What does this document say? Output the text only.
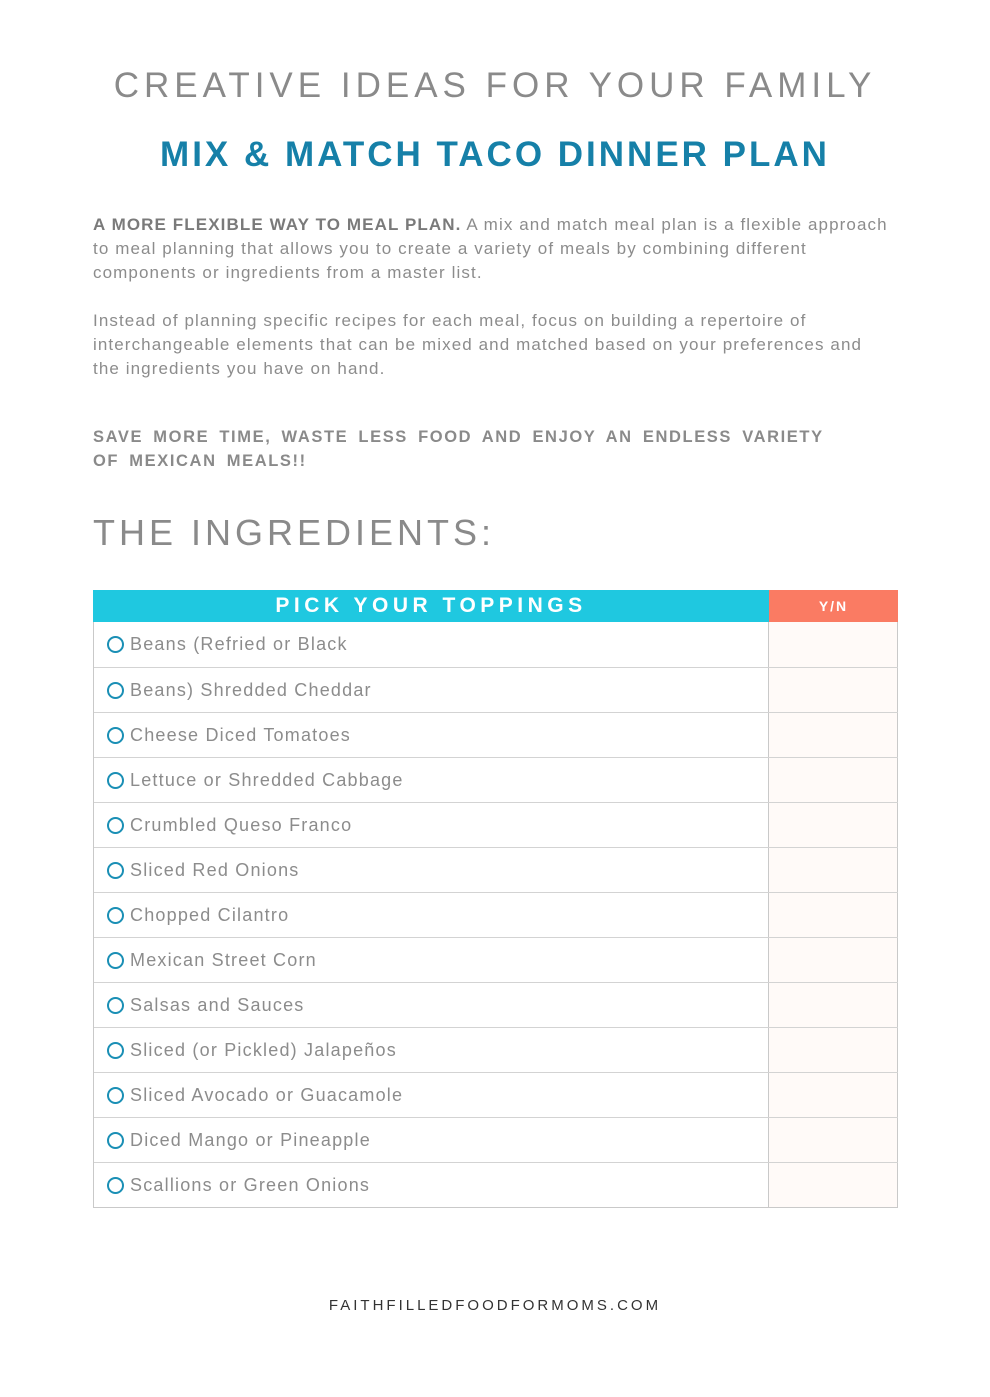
CREATIVE IDEAS FOR YOUR FAMILY
MIX & MATCH TACO DINNER PLAN

A MORE FLEXIBLE WAY TO MEAL PLAN. A mix and match meal plan is a flexible approach to meal planning that allows you to create a variety of meals by combining different components or ingredients from a master list.

Instead of planning specific recipes for each meal, focus on building a repertoire of interchangeable elements that can be mixed and matched based on your preferences and the ingredients you have on hand.

SAVE MORE TIME, WASTE LESS FOOD AND ENJOY AN ENDLESS VARIETY OF MEXICAN MEALS!!

THE INGREDIENTS:
PICK YOUR TOPPINGS	Y/N
Beans (Refried or Black
Beans) Shredded Cheddar
Cheese Diced Tomatoes
Lettuce or Shredded Cabbage
Crumbled Queso Franco
Sliced Red Onions
Chopped Cilantro
Mexican Street Corn
Salsas and Sauces
Sliced (or Pickled) Jalapeños
Sliced Avocado or Guacamole
Diced Mango or Pineapple
Scallions or Green Onions
FAITHFILLEDFOODFORMOMS.COM
